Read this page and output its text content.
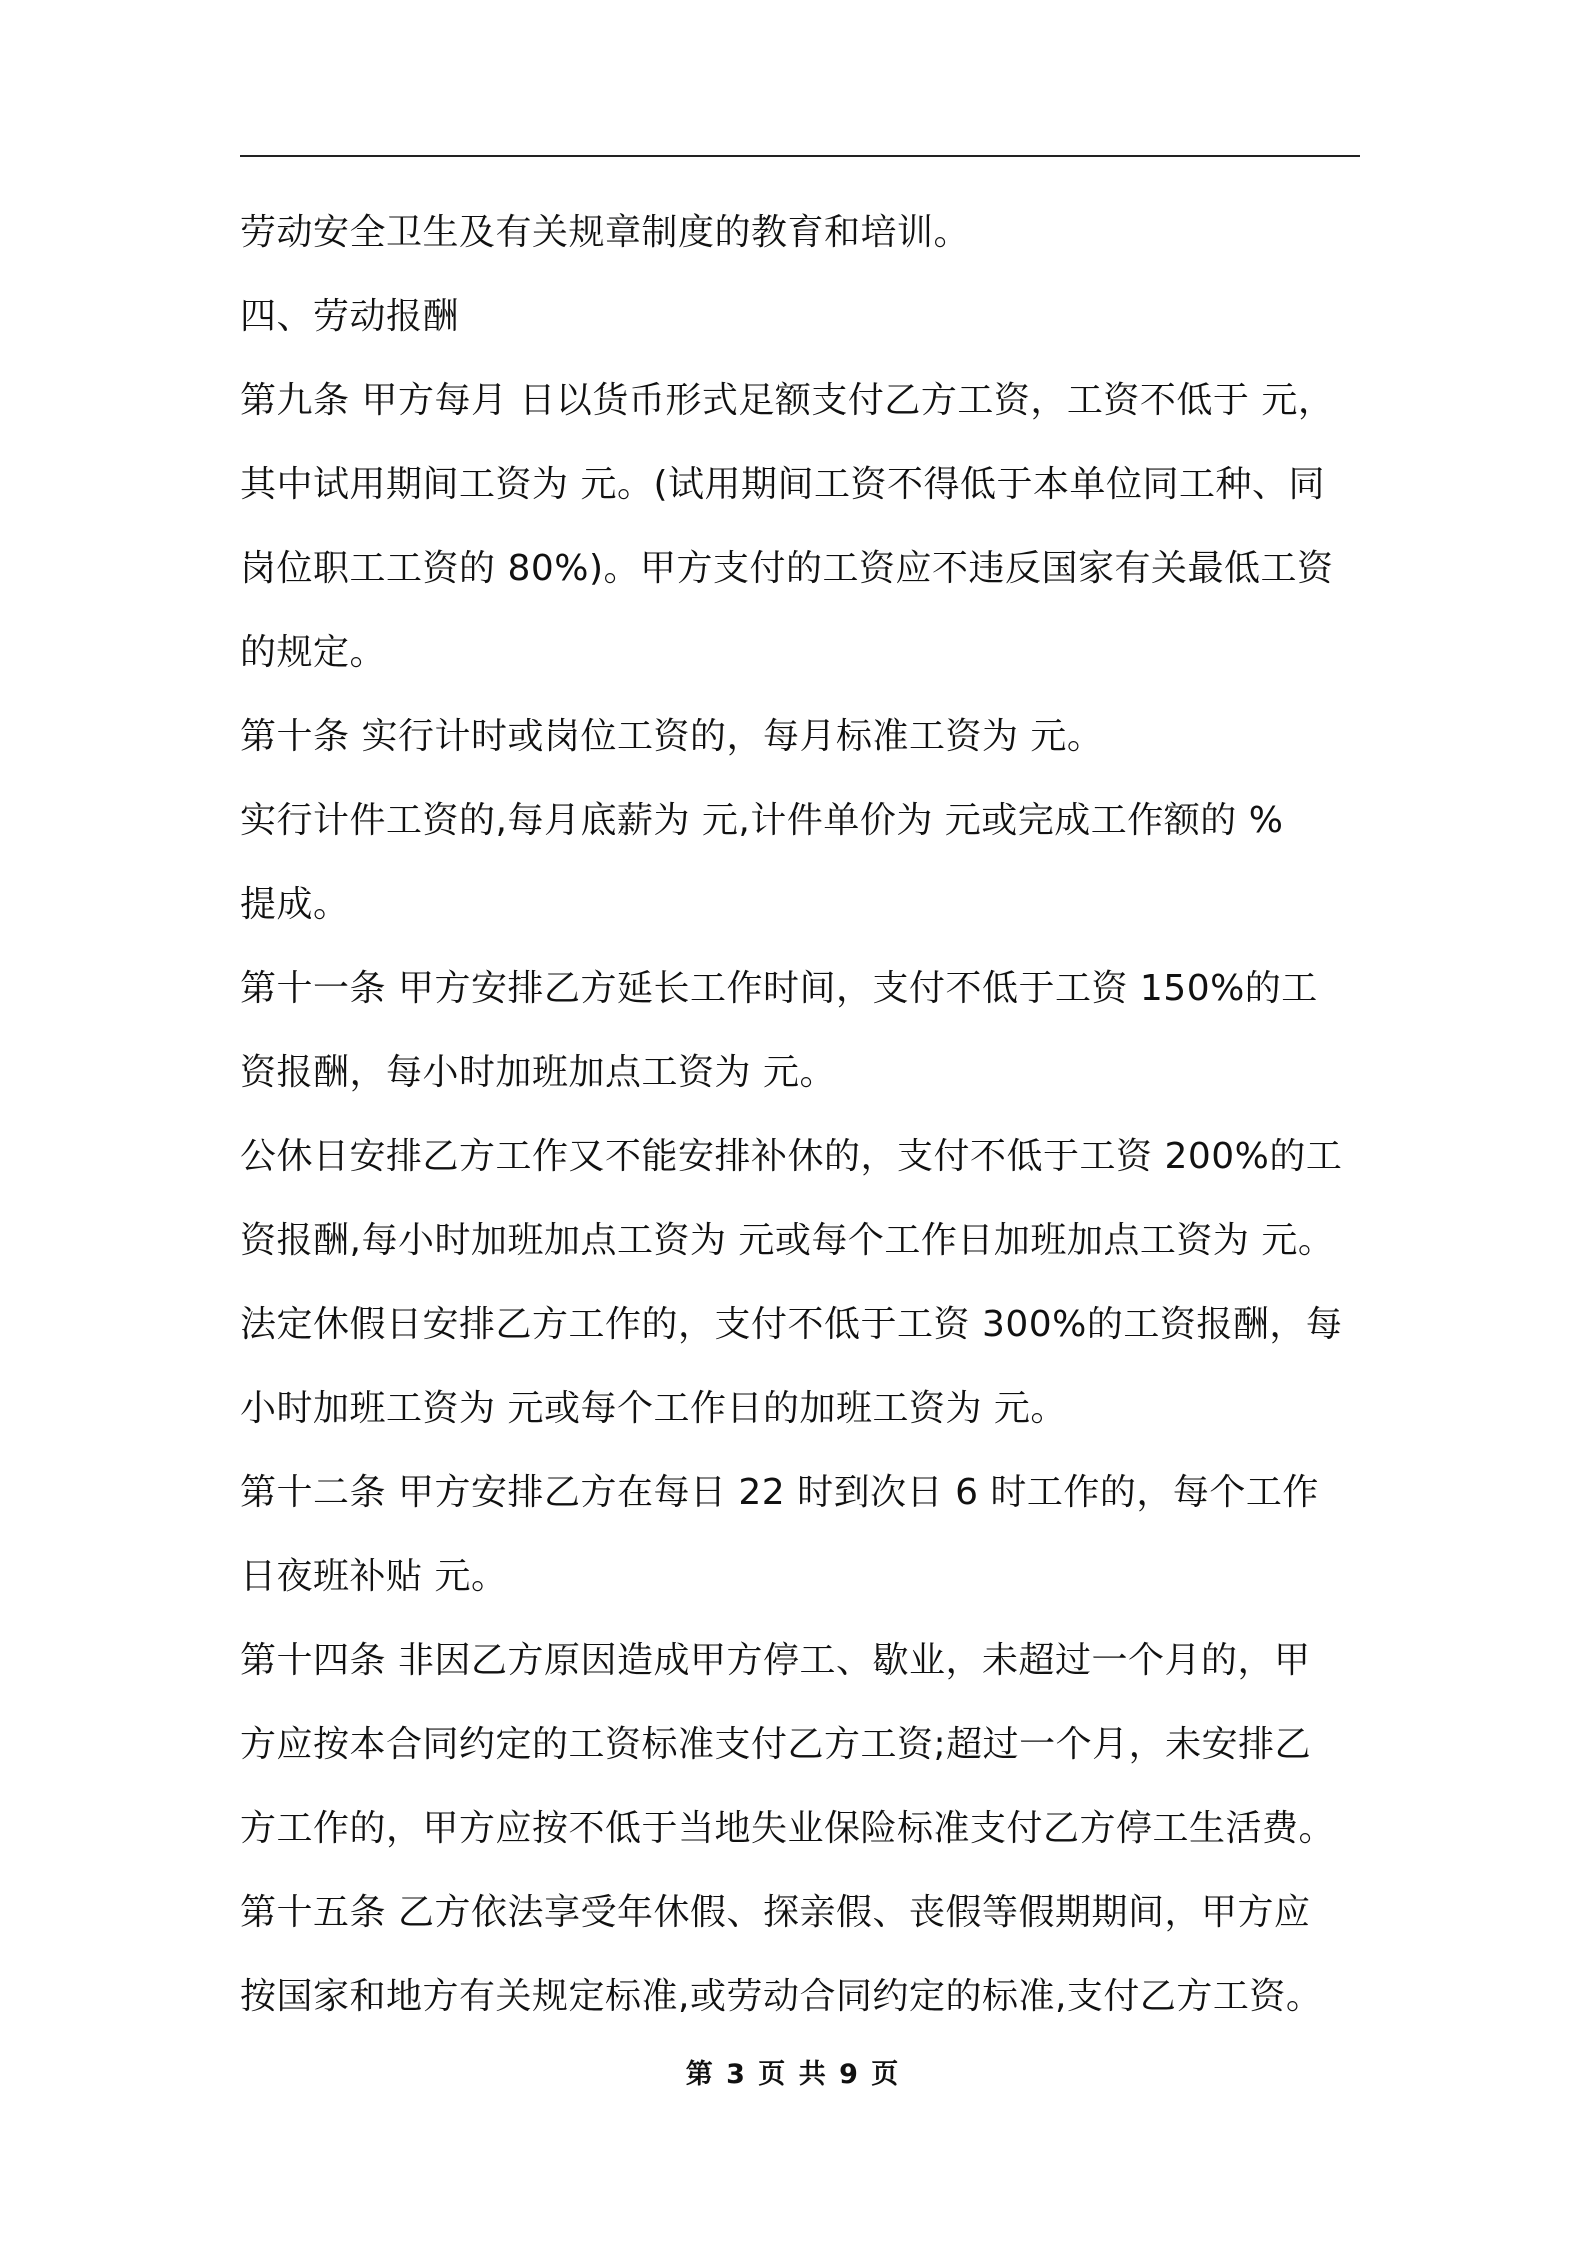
劳动安全卫生及有关规章制度的教育和培训。
四、劳动报酬
第九条 甲方每月 日以货币形式足额支付乙方工资，工资不低于 元，
其中试用期间工资为 元。(试用期间工资不得低于本单位同工种、同
岗位职工工资的 80%)。甲方支付的工资应不违反国家有关最低工资
的规定。
第十条 实行计时或岗位工资的，每月标准工资为 元。
实行计件工资的,每月底薪为 元,计件单价为 元或完成工作额的 %
提成。
第十一条 甲方安排乙方延长工作时间，支付不低于工资 150%的工
资报酬，每小时加班加点工资为 元。
公休日安排乙方工作又不能安排补休的，支付不低于工资 200%的工
资报酬,每小时加班加点工资为 元或每个工作日加班加点工资为 元。
法定休假日安排乙方工作的，支付不低于工资 300%的工资报酬，每
小时加班工资为 元或每个工作日的加班工资为 元。
第十二条 甲方安排乙方在每日 22 时到次日 6 时工作的，每个工作
日夜班补贴 元。
第十四条 非因乙方原因造成甲方停工、歇业，未超过一个月的，甲
方应按本合同约定的工资标准支付乙方工资;超过一个月，未安排乙
方工作的，甲方应按不低于当地失业保险标准支付乙方停工生活费。
第十五条 乙方依法享受年休假、探亲假、丧假等假期期间，甲方应
按国家和地方有关规定标准,或劳动合同约定的标准,支付乙方工资。
第 3 页 共 9 页
